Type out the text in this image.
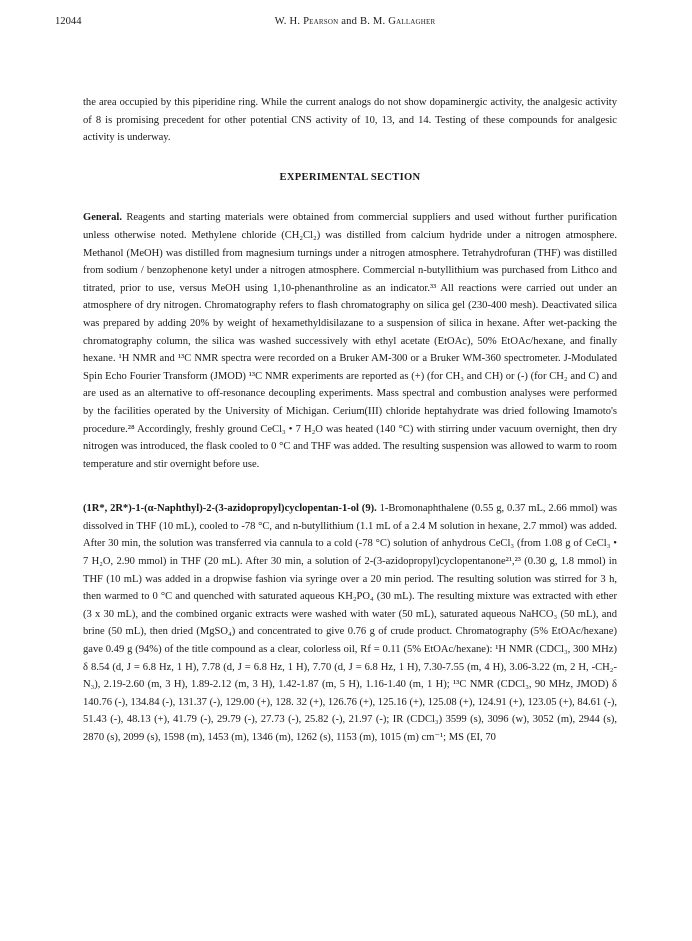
12044	W. H. Pearson and B. M. Gallagher

the area occupied by this piperidine ring. While the current analogs do not show dopaminergic activity, the analgesic activity of 8 is promising precedent for other potential CNS activity of 10, 13, and 14. Testing of these compounds for analgesic activity is underway.

EXPERIMENTAL SECTION

General. Reagents and starting materials were obtained from commercial suppliers and used without further purification unless otherwise noted. Methylene chloride (CH₂Cl₂) was distilled from calcium hydride under a nitrogen atmosphere. Methanol (MeOH) was distilled from magnesium turnings under a nitrogen atmosphere. Tetrahydrofuran (THF) was distilled from sodium / benzophenone ketyl under a nitrogen atmosphere. Commercial n-butyllithium was purchased from Lithco and titrated, prior to use, versus MeOH using 1,10-phenanthroline as an indicator.³³ All reactions were carried out under an atmosphere of dry nitrogen. Chromatography refers to flash chromatography on silica gel (230-400 mesh). Deactivated silica was prepared by adding 20% by weight of hexamethyldisilazane to a suspension of silica in hexane. After wet-packing the chromatography column, the silica was washed successively with ethyl acetate (EtOAc), 50% EtOAc/hexane, and finally hexane. ¹H NMR and ¹³C NMR spectra were recorded on a Bruker AM-300 or a Bruker WM-360 spectrometer. J-Modulated Spin Echo Fourier Transform (JMOD) ¹³C NMR experiments are reported as (+) (for CH₃ and CH) or (-) (for CH₂ and C) and are used as an alternative to off-resonance decoupling experiments. Mass spectral and combustion analyses were performed by the facilities operated by the University of Michigan. Cerium(III) chloride heptahydrate was dried following Imamoto's procedure.²⁸ Accordingly, freshly ground CeCl₃ • 7 H₂O was heated (140 °C) with stirring under vacuum overnight, then dry nitrogen was introduced, the flask cooled to 0 °C and THF was added. The resulting suspension was allowed to warm to room temperature and stir overnight before use.

(1R*, 2R*)-1-(α-Naphthyl)-2-(3-azidopropyl)cyclopentan-1-ol (9). 1-Bromonaphthalene (0.55 g, 0.37 mL, 2.66 mmol) was dissolved in THF (10 mL), cooled to -78 °C, and n-butyllithium (1.1 mL of a 2.4 M solution in hexane, 2.7 mmol) was added. After 30 min, the solution was transferred via cannula to a cold (-78 °C) solution of anhydrous CeCl₃ (from 1.08 g of CeCl₃ • 7 H₂O, 2.90 mmol) in THF (20 mL). After 30 min, a solution of 2-(3-azidopropyl)cyclopentanone²¹,²³ (0.30 g, 1.8 mmol) in THF (10 mL) was added in a dropwise fashion via syringe over a 20 min period. The resulting solution was stirred for 3 h, then warmed to 0 °C and quenched with saturated aqueous KH₂PO₄ (30 mL). The resulting mixture was extracted with ether (3 x 30 mL), and the combined organic extracts were washed with water (50 mL), saturated aqueous NaHCO₃ (50 mL), and brine (50 mL), then dried (MgSO₄) and concentrated to give 0.76 g of crude product. Chromatography (5% EtOAc/hexane) gave 0.49 g (94%) of the title compound as a clear, colorless oil, Rf = 0.11 (5% EtOAc/hexane): ¹H NMR (CDCl₃, 300 MHz) δ 8.54 (d, J = 6.8 Hz, 1 H), 7.78 (d, J = 6.8 Hz, 1 H), 7.70 (d, J = 6.8 Hz, 1 H), 7.30-7.55 (m, 4 H), 3.06-3.22 (m, 2 H, -CH₂-N₃), 2.19-2.60 (m, 3 H), 1.89-2.12 (m, 3 H), 1.42-1.87 (m, 5 H), 1.16-1.40 (m, 1 H); ¹³C NMR (CDCl₃, 90 MHz, JMOD) δ 140.76 (-), 134.84 (-), 131.37 (-), 129.00 (+), 128. 32 (+), 126.76 (+), 125.16 (+), 125.08 (+), 124.91 (+), 123.05 (+), 84.61 (-), 51.43 (-), 48.13 (+), 41.79 (-), 29.79 (-), 27.73 (-), 25.82 (-), 21.97 (-); IR (CDCl₃) 3599 (s), 3096 (w), 3052 (m), 2944 (s), 2870 (s), 2099 (s), 1598 (m), 1453 (m), 1346 (m), 1262 (s), 1153 (m), 1015 (m) cm⁻¹; MS (EI, 70
